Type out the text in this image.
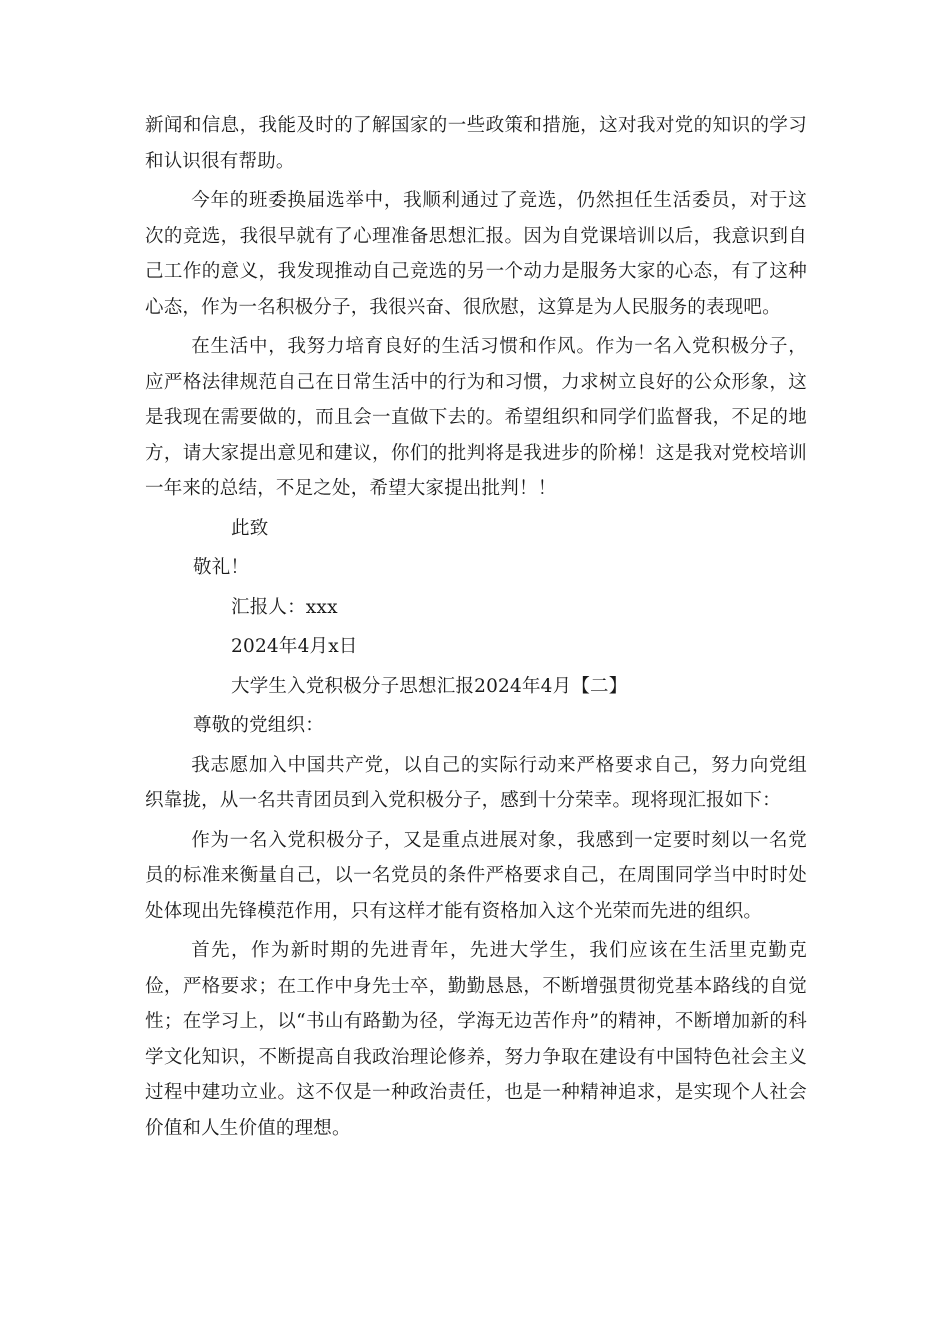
新闻和信息，我能及时的了解国家的一些政策和措施，这对我对党的知识的学习和认识很有帮助。

今年的班委换届选举中，我顺利通过了竞选，仍然担任生活委员，对于这次的竞选，我很早就有了心理准备思想汇报。因为自党课培训以后，我意识到自己工作的意义，我发现推动自己竞选的另一个动力是服务大家的心态，有了这种心态，作为一名积极分子，我很兴奋、很欣慰，这算是为人民服务的表现吧。

在生活中，我努力培育良好的生活习惯和作风。作为一名入党积极分子，应严格法律规范自己在日常生活中的行为和习惯，力求树立良好的公众形象，这是我现在需要做的，而且会一直做下去的。希望组织和同学们监督我，不足的地方，请大家提出意见和建议，你们的批判将是我进步的阶梯！这是我对党校培训一年来的总结，不足之处，希望大家提出批判！！

此致

敬礼！

汇报人：xxx

2024年4月x日

大学生入党积极分子思想汇报2024年4月【二】

尊敬的党组织：

我志愿加入中国共产党，以自己的实际行动来严格要求自己，努力向党组织靠拢，从一名共青团员到入党积极分子，感到十分荣幸。现将现汇报如下：

作为一名入党积极分子，又是重点进展对象，我感到一定要时刻以一名党员的标准来衡量自己，以一名党员的条件严格要求自己，在周围同学当中时时处处体现出先锋模范作用，只有这样才能有资格加入这个光荣而先进的组织。

首先，作为新时期的先进青年，先进大学生，我们应该在生活里克勤克俭，严格要求；在工作中身先士卒，勤勤恳恳，不断增强贯彻党基本路线的自觉性；在学习上，以“书山有路勤为径，学海无边苦作舟”的精神，不断增加新的科学文化知识，不断提高自我政治理论修养，努力争取在建设有中国特色社会主义过程中建功立业。这不仅是一种政治责任，也是一种精神追求，是实现个人社会价值和人生价值的理想。
